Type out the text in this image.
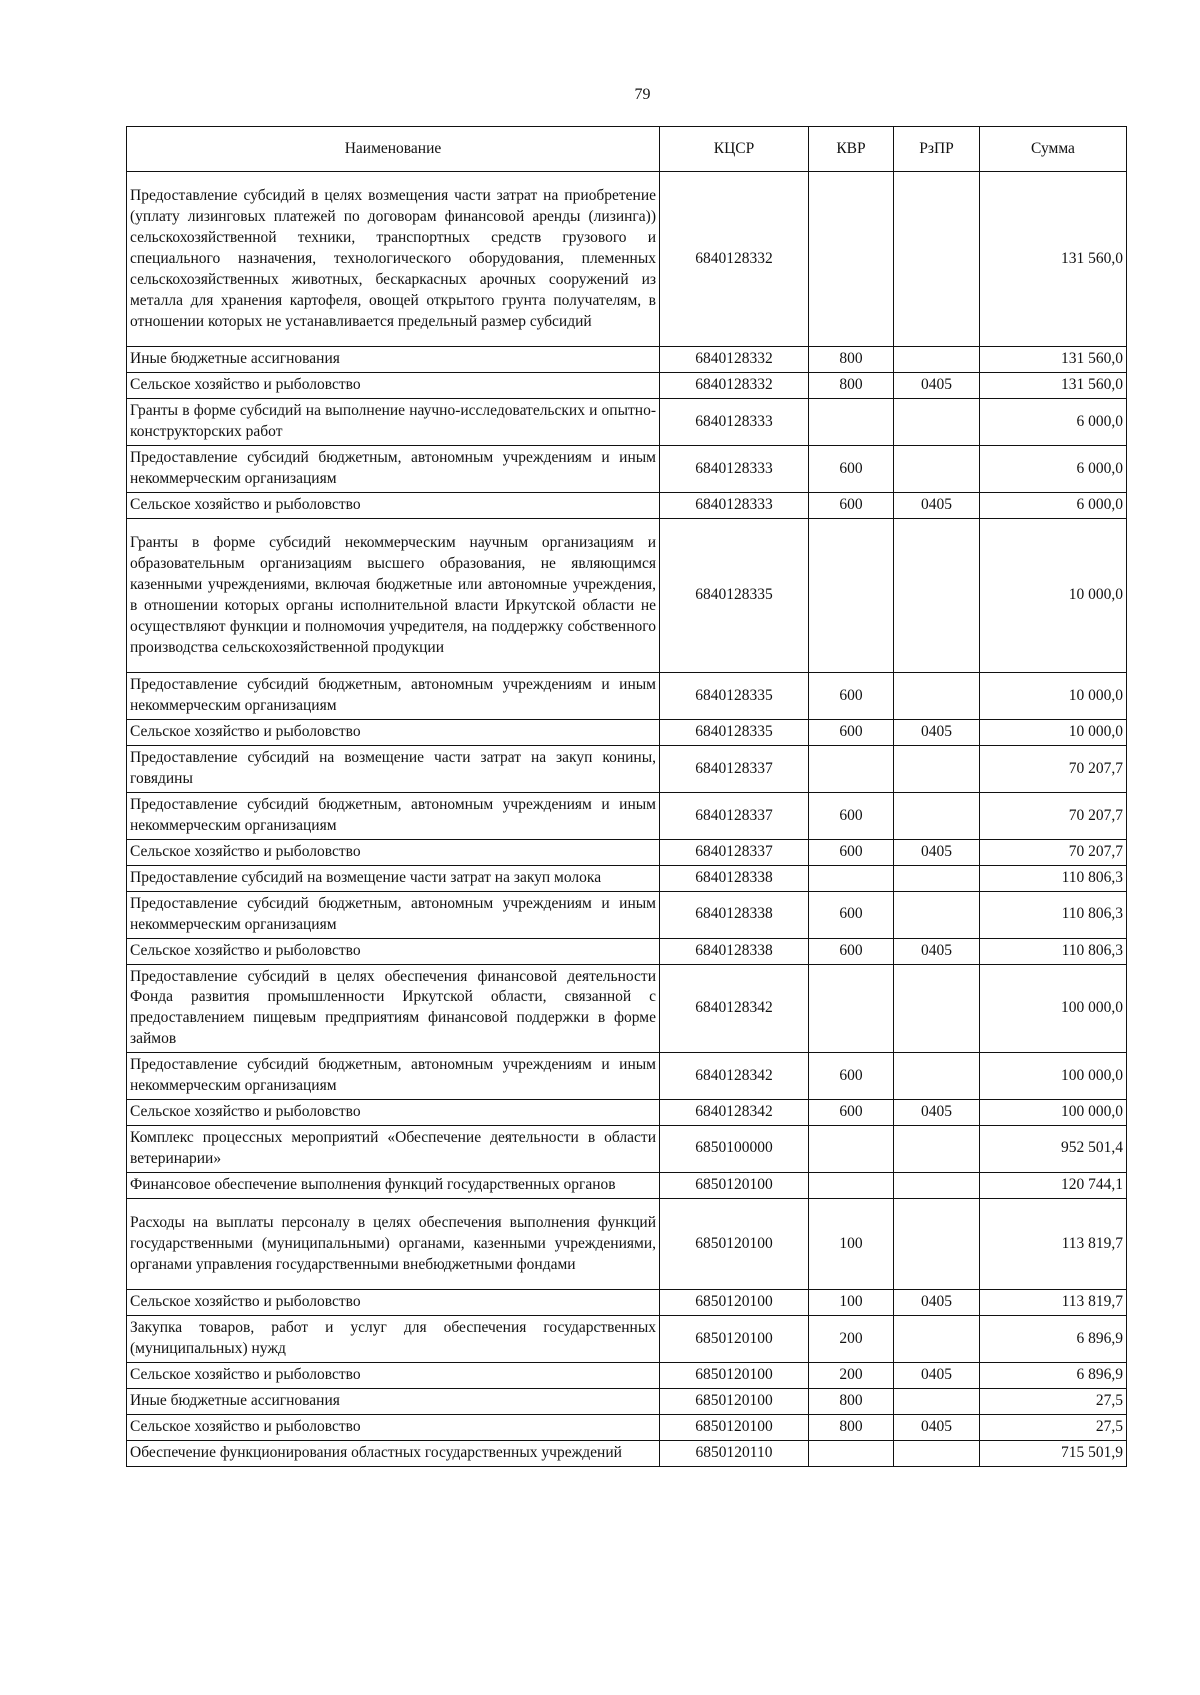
79
Наименование	КЦСР	КВР	РзПР	Сумма
Предоставление субсидий в целях возмещения части затрат на приобретение (уплату лизинговых платежей по договорам финансовой аренды (лизинга)) сельскохозяйственной техники, транспортных средств грузового и специального назначения, технологического оборудования, племенных сельскохозяйственных животных, бескаркасных арочных сооружений из металла для хранения картофеля, овощей открытого грунта получателям, в отношении которых не устанавливается предельный размер субсидий	6840128332			131 560,0
Иные бюджетные ассигнования	6840128332	800		131 560,0
Сельское хозяйство и рыболовство	6840128332	800	0405	131 560,0
Гранты в форме субсидий на выполнение научно-исследовательских и опытно-конструкторских работ	6840128333			6 000,0
Предоставление субсидий бюджетным, автономным учреждениям и иным некоммерческим организациям	6840128333	600		6 000,0
Сельское хозяйство и рыболовство	6840128333	600	0405	6 000,0
Гранты в форме субсидий некоммерческим научным организациям и образовательным организациям высшего образования, не являющимся казенными учреждениями, включая бюджетные или автономные учреждения, в отношении которых органы исполнительной власти Иркутской области не осуществляют функции и полномочия учредителя, на поддержку собственного производства сельскохозяйственной продукции	6840128335			10 000,0
Предоставление субсидий бюджетным, автономным учреждениям и иным некоммерческим организациям	6840128335	600		10 000,0
Сельское хозяйство и рыболовство	6840128335	600	0405	10 000,0
Предоставление субсидий на возмещение части затрат на закуп конины, говядины	6840128337			70 207,7
Предоставление субсидий бюджетным, автономным учреждениям и иным некоммерческим организациям	6840128337	600		70 207,7
Сельское хозяйство и рыболовство	6840128337	600	0405	70 207,7
Предоставление субсидий на возмещение части затрат на закуп молока	6840128338			110 806,3
Предоставление субсидий бюджетным, автономным учреждениям и иным некоммерческим организациям	6840128338	600		110 806,3
Сельское хозяйство и рыболовство	6840128338	600	0405	110 806,3
Предоставление субсидий в целях обеспечения финансовой деятельности Фонда развития промышленности Иркутской области, связанной с предоставлением пищевым предприятиям финансовой поддержки в форме займов	6840128342			100 000,0
Предоставление субсидий бюджетным, автономным учреждениям и иным некоммерческим организациям	6840128342	600		100 000,0
Сельское хозяйство и рыболовство	6840128342	600	0405	100 000,0
Комплекс процессных мероприятий «Обеспечение деятельности в области ветеринарии»	6850100000			952 501,4
Финансовое обеспечение выполнения функций государственных органов	6850120100			120 744,1
Расходы на выплаты персоналу в целях обеспечения выполнения функций государственными (муниципальными) органами, казенными учреждениями, органами управления государственными внебюджетными фондами	6850120100	100		113 819,7
Сельское хозяйство и рыболовство	6850120100	100	0405	113 819,7
Закупка товаров, работ и услуг для обеспечения государственных (муниципальных) нужд	6850120100	200		6 896,9
Сельское хозяйство и рыболовство	6850120100	200	0405	6 896,9
Иные бюджетные ассигнования	6850120100	800		27,5
Сельское хозяйство и рыболовство	6850120100	800	0405	27,5
Обеспечение функционирования областных государственных учреждений	6850120110			715 501,9
